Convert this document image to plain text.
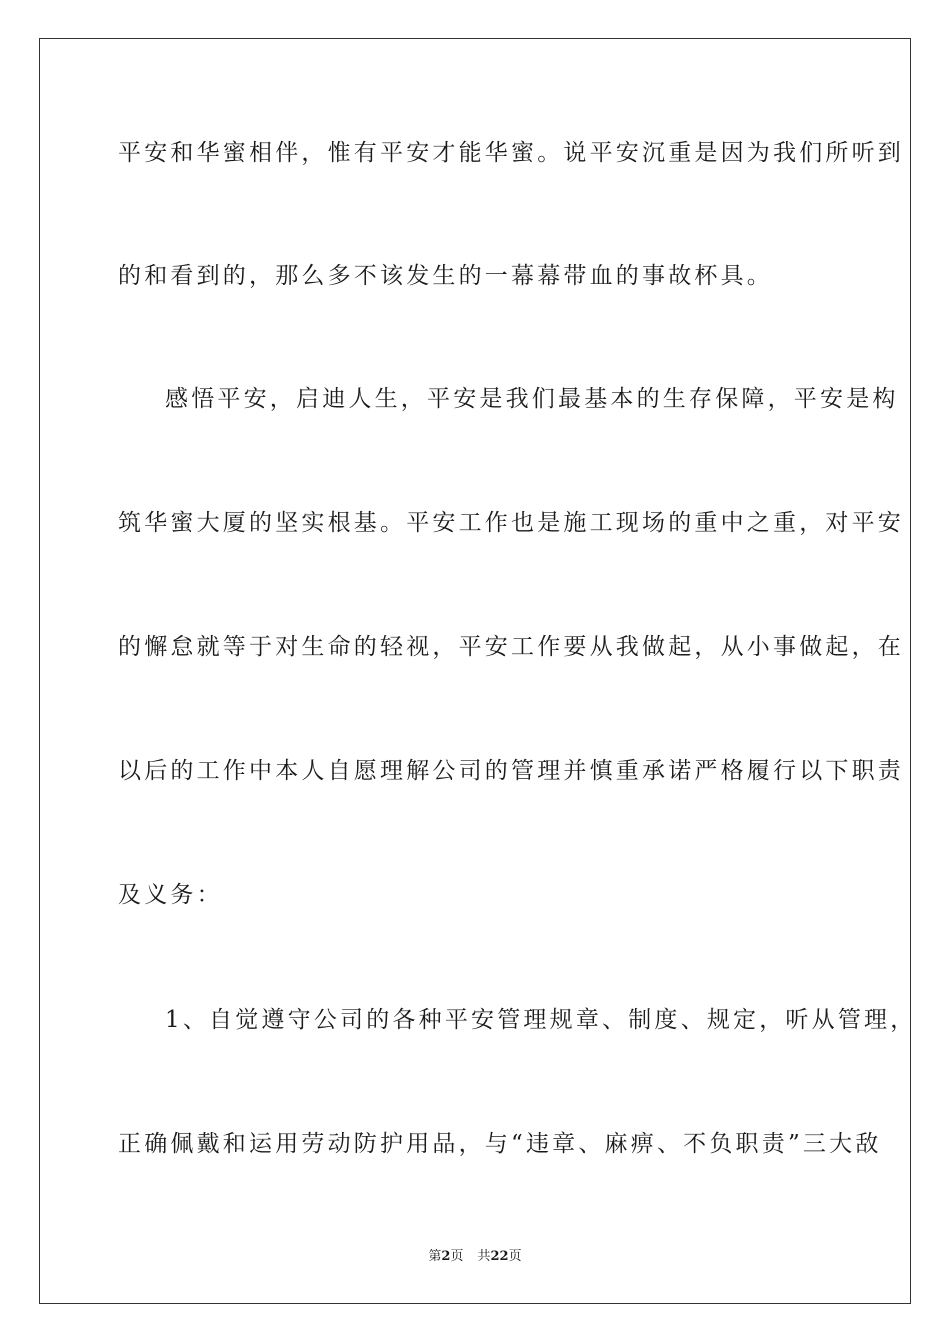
平安和华蜜相伴，惟有平安才能华蜜。说平安沉重是因为我们所听到
的和看到的，那么多不该发生的一幕幕带血的事故杯具。
感悟平安，启迪人生，平安是我们最基本的生存保障，平安是构
筑华蜜大厦的坚实根基。平安工作也是施工现场的重中之重，对平安
的懈怠就等于对生命的轻视，平安工作要从我做起，从小事做起，在
以后的工作中本人自愿理解公司的管理并慎重承诺严格履行以下职责
及义务：
1、自觉遵守公司的各种平安管理规章、制度、规定，听从管理，
正确佩戴和运用劳动防护用品，与“违章、麻痹、不负职责”三大敌
第2页 共22页
